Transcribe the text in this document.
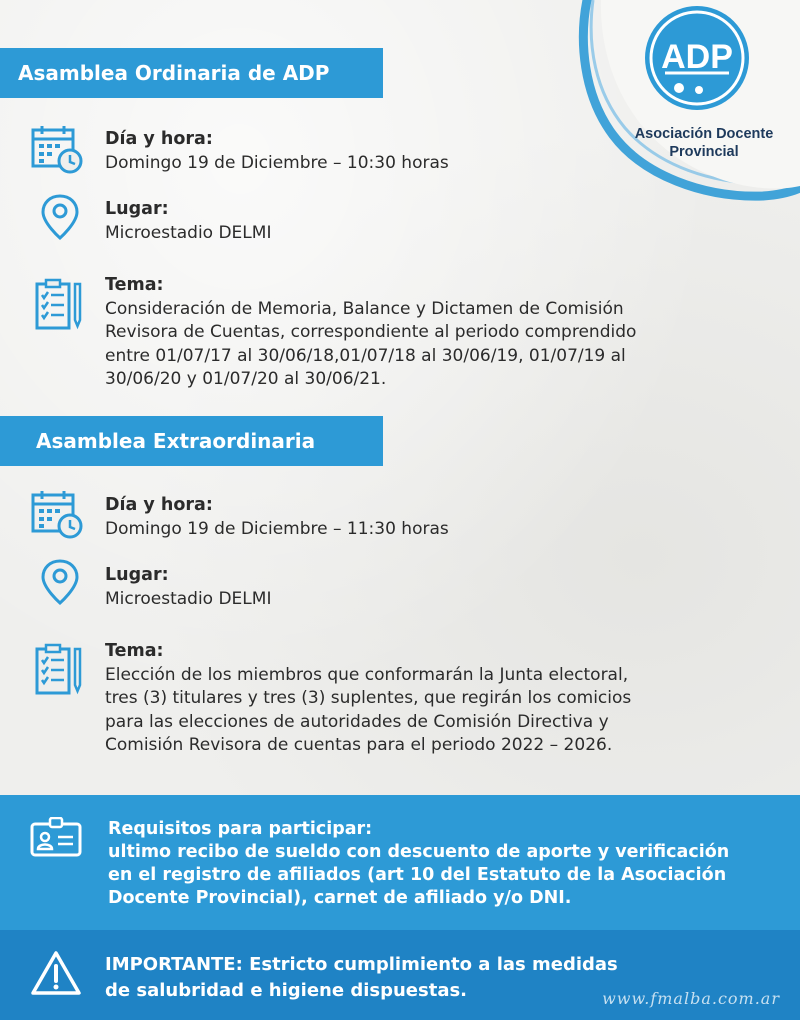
ADP
Asociación Docente
Provincial
Asamblea Ordinaria de ADP
Día y hora:
Domingo 19 de Diciembre – 10:30 horas
Lugar:
Microestadio DELMI
Tema:
Consideración de Memoria, Balance y Dictamen de Comisión
Revisora de Cuentas, correspondiente al periodo comprendido
entre 01/07/17 al 30/06/18,01/07/18 al 30/06/19, 01/07/19 al
30/06/20 y 01/07/20 al 30/06/21.
Asamblea Extraordinaria
Día y hora:
Domingo 19 de Diciembre – 11:30 horas
Lugar:
Microestadio DELMI
Tema:
Elección de los miembros que conformarán la Junta electoral,
tres (3) titulares y tres (3) suplentes, que regirán los comicios
para las elecciones de autoridades de Comisión Directiva y
Comisión Revisora de cuentas para el periodo 2022 – 2026.
Requisitos para participar:
ultimo recibo de sueldo con descuento de aporte y verificación
en el registro de afiliados (art 10 del Estatuto de la Asociación
Docente Provincial), carnet de afiliado y/o DNI.
IMPORTANTE: Estricto cumplimiento a las medidas
de salubridad e higiene dispuestas.	www.fmalba.com.ar
